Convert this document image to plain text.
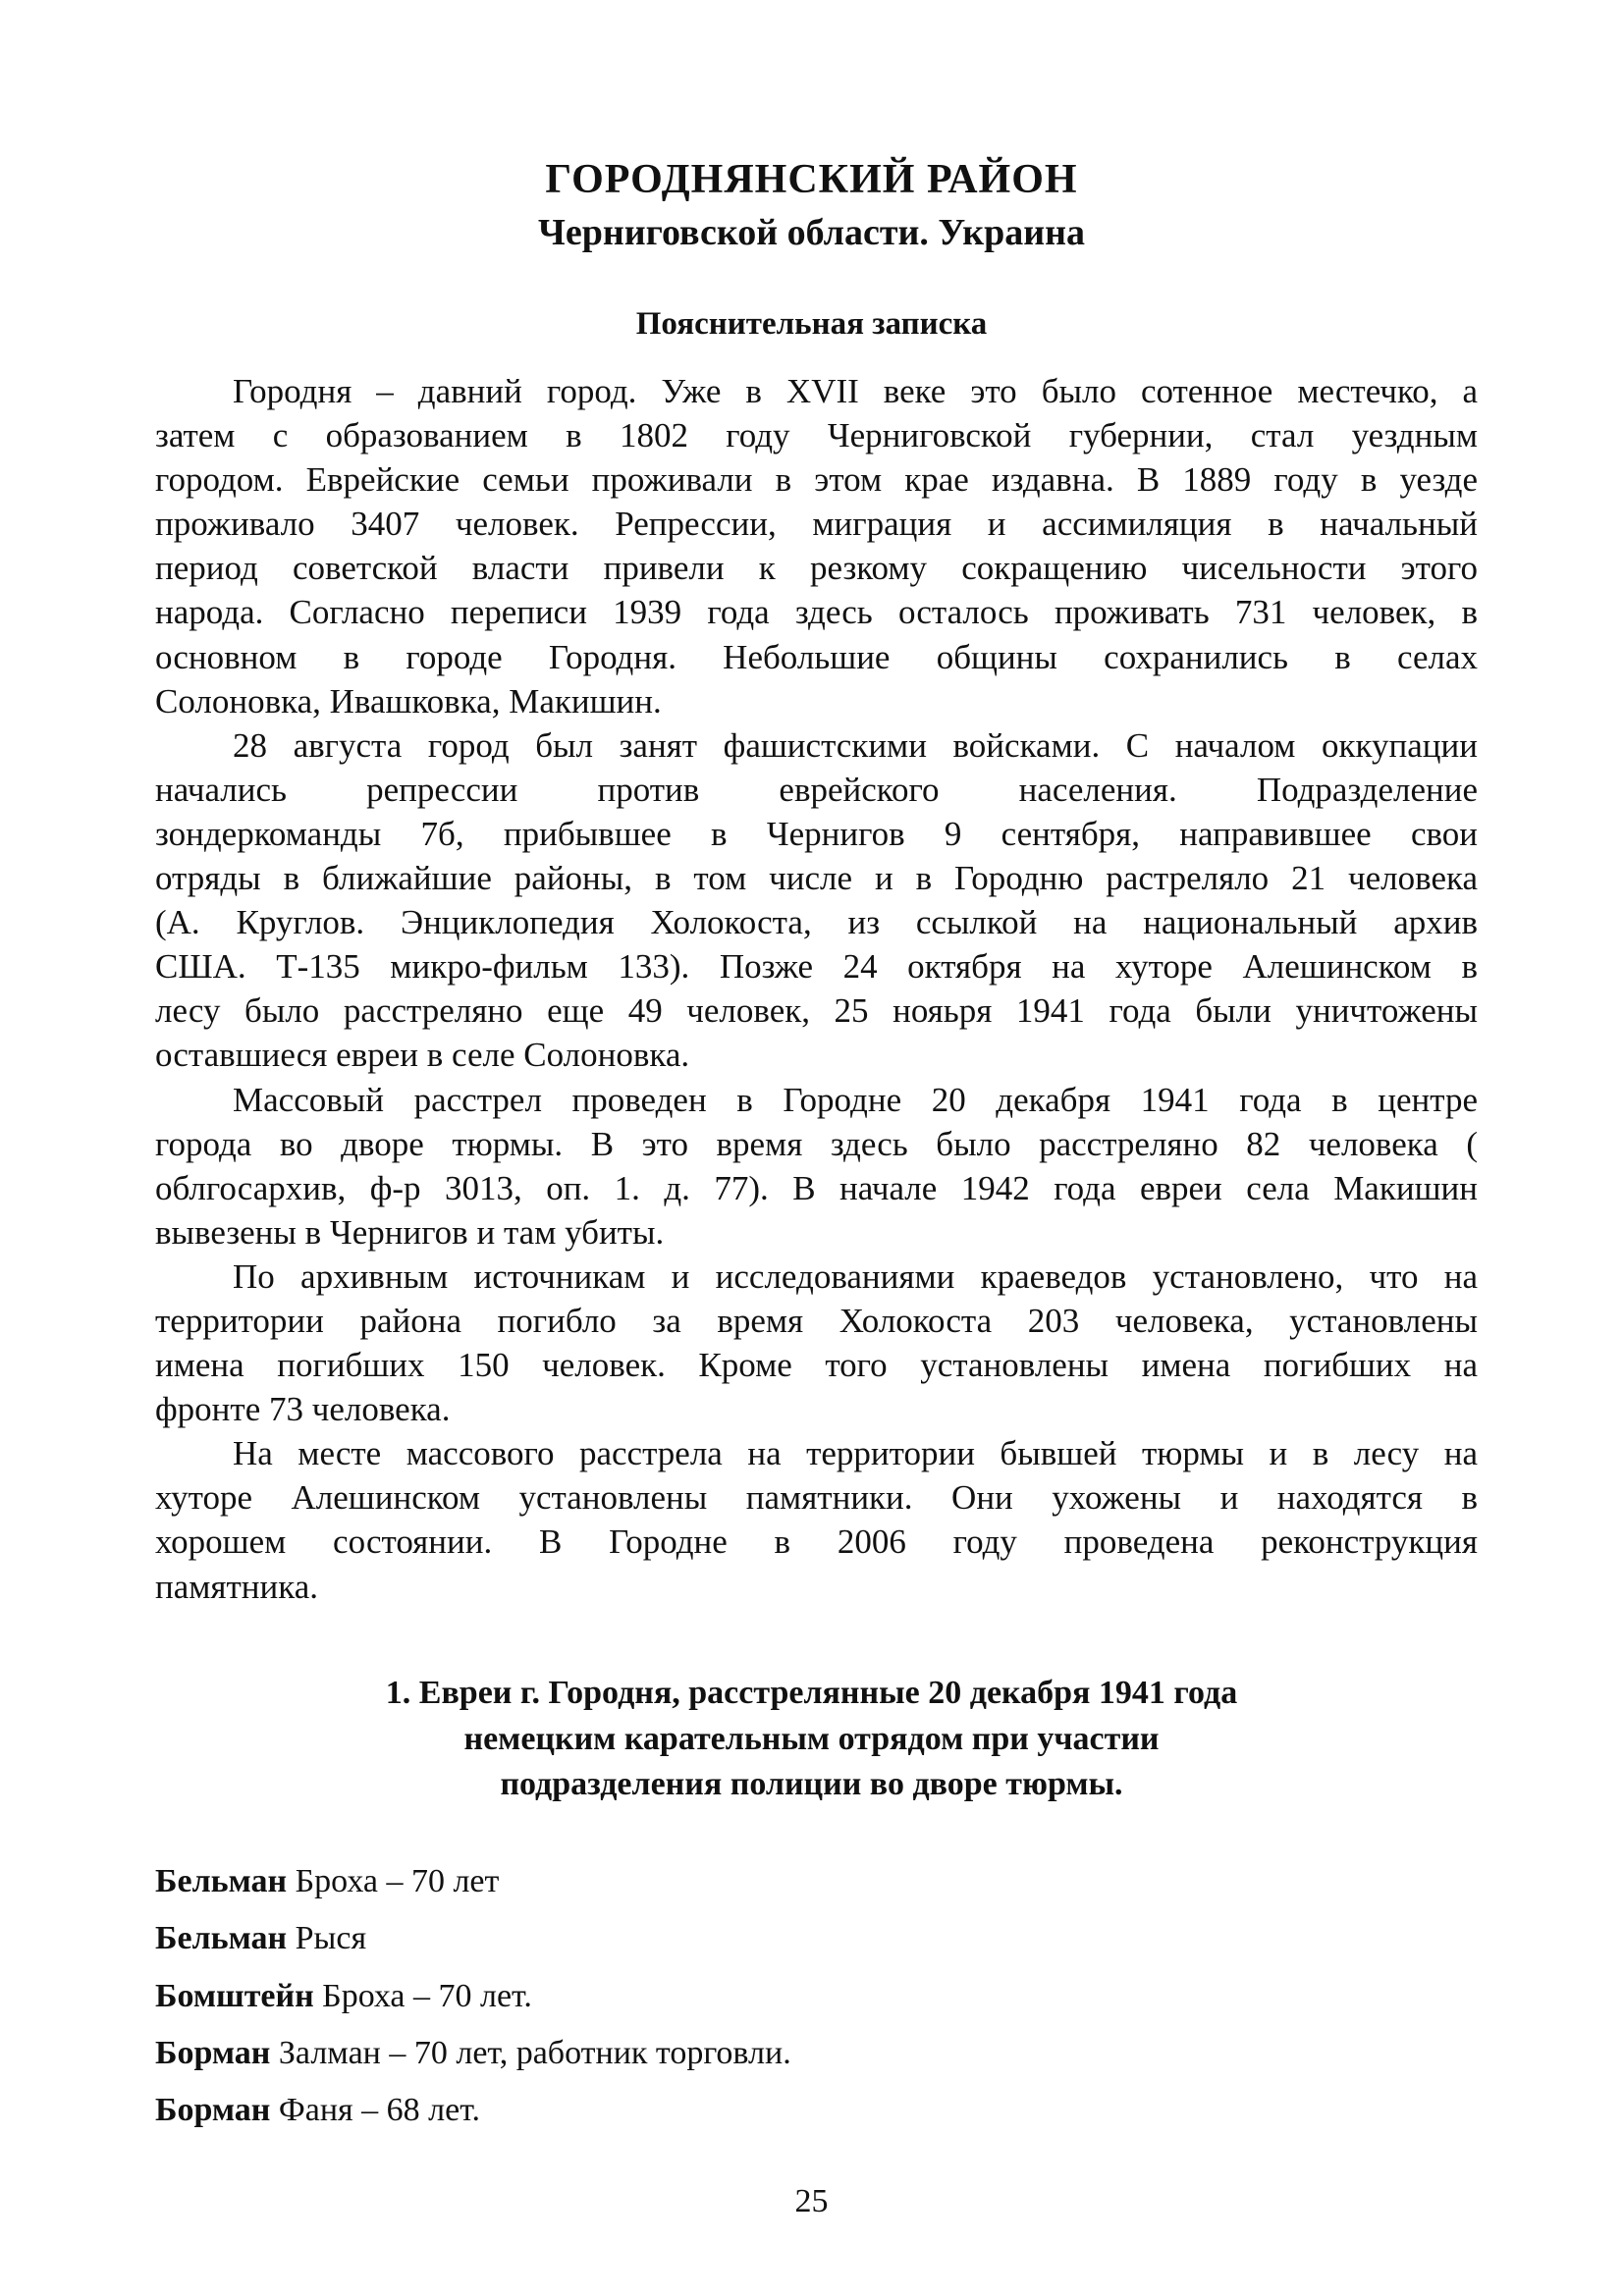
ГОРОДНЯНСКИЙ РАЙОН
Черниговской области. Украина
Пояснительная записка
Городня – давний город. Уже в XVII веке это было сотенное местечко, а
затем с образованием в 1802 году Черниговской губернии, стал уездным
городом. Еврейские семьи проживали в этом крае издавна. В 1889 году в уезде
проживало 3407 человек. Репрессии, миграция и ассимиляция в начальный
период советской власти привели к резкому сокращению чисельности этого
народа. Согласно переписи 1939 года здесь осталось проживать 731 человек, в
основном в городе Городня. Небольшие общины сохранились в селах
Солоновка, Ивашковка, Макишин.
28 августа город был занят фашистскими войсками. С началом оккупации
начались репрессии против еврейского населения. Подразделение
зондеркоманды 7б, прибывшее в Чернигов 9 сентября, направившее свои
отряды в ближайшие районы, в том числе и в Городню растреляло 21 человека
(А. Круглов. Энциклопедия Холокоста, из ссылкой на национальный архив
США. Т-135 микро-фильм 133). Позже 24 октября на хуторе Алешинском в
лесу было расстреляно еще 49 человек, 25 нояьря 1941 года были уничтожены
оставшиеся евреи в селе Солоновка.
Массовый расстрел проведен в Городне 20 декабря 1941 года в центре
города во дворе тюрмы. В это время здесь было расстреляно 82 человека (
облгосархив, ф-р 3013, оп. 1. д. 77). В начале 1942 года евреи села Макишин
вывезены в Чернигов и там убиты.
По архивным источникам и исследованиями краеведов установлено, что на
территории района погибло за время Холокоста 203 человека, установлены
имена погибших 150 человек. Кроме того установлены имена погибших на
фронте 73 человека.
На месте массового расстрела на территории бывшей тюрмы и в лесу на
хуторе Алешинском установлены памятники. Они ухожены и находятся в
хорошем состоянии. В Городне в 2006 году проведена реконструкция
памятника.
1. Евреи г. Городня, расстрелянные 20 декабря 1941 года
немецким карательным отрядом при участии
подразделения полиции во дворе тюрмы.
Бельман Броха – 70 лет
Бельман Рыся
Бомштейн Броха – 70 лет.
Борман Залман – 70 лет, работник торговли.
Борман Фаня – 68 лет.
25
